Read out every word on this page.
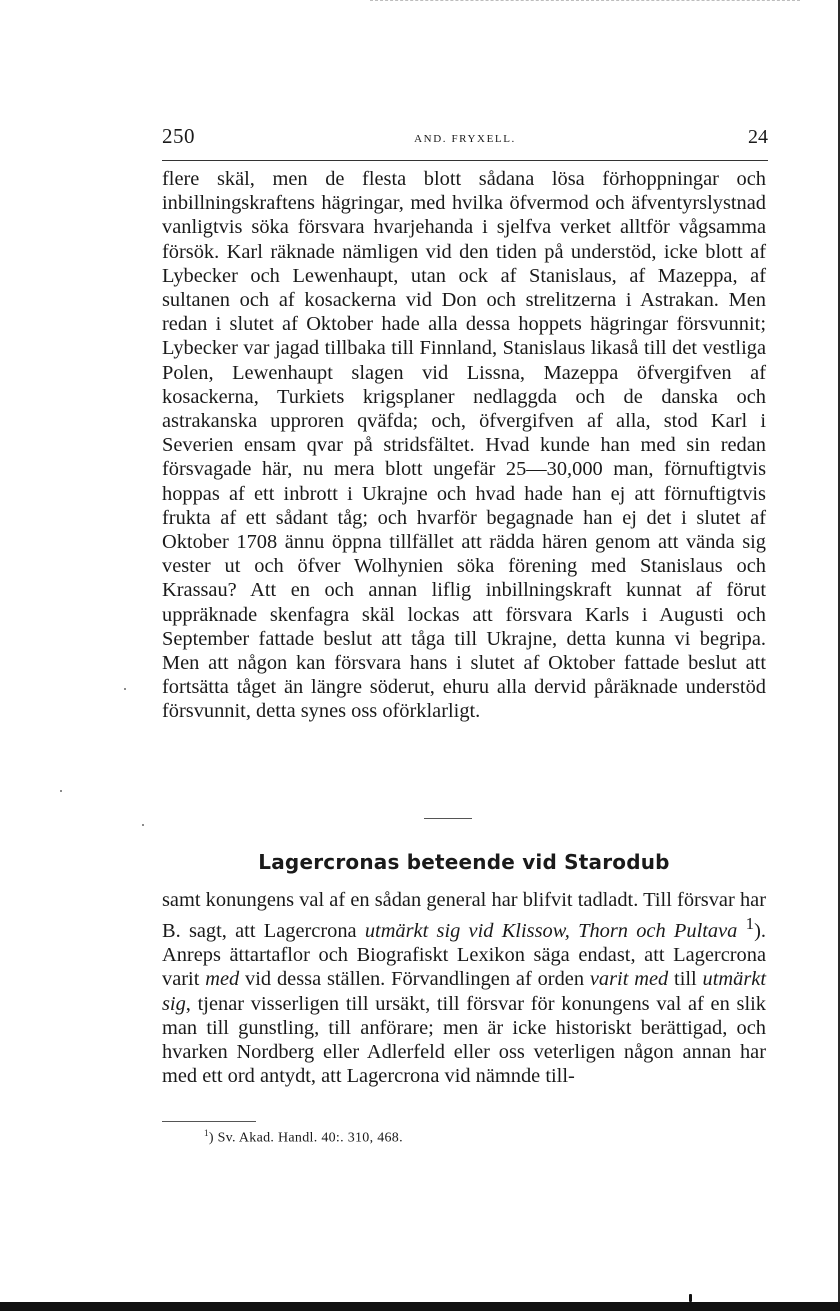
250	AND. FRYXELL.	24

flere skäl, men de flesta blott sådana lösa förhoppningar och inbillningskraftens hägringar, med hvilka öfvermod och äfventyrslystnad vanligtvis söka försvara hvarjehanda i sjelfva verket alltför vågsamma försök. Karl räknade nämligen vid den tiden på understöd, icke blott af Lybecker och Lewenhaupt, utan ock af Stanislaus, af Mazeppa, af sultanen och af kosackerna vid Don och strelitzerna i Astrakan. Men redan i slutet af Oktober hade alla dessa hoppets hägringar försvunnit; Lybecker var jagad tillbaka till Finnland, Stanislaus likaså till det vestliga Polen, Lewenhaupt slagen vid Lissna, Mazeppa öfvergifven af kosackerna, Turkiets krigsplaner nedlaggda och de danska och astrakanska upproren qväfda; och, öfvergifven af alla, stod Karl i Severien ensam qvar på stridsfältet. Hvad kunde han med sin redan försvagade här, nu mera blott ungefär 25—30,000 man, förnuftigtvis hoppas af ett inbrott i Ukrajne och hvad hade han ej att förnuftigtvis frukta af ett sådant tåg; och hvarför begagnade han ej det i slutet af Oktober 1708 ännu öppna tillfället att rädda hären genom att vända sig vester ut och öfver Wolhynien söka förening med Stanislaus och Krassau? Att en och annan liflig inbillningskraft kunnat af förut uppräknade skenfagra skäl lockas att försvara Karls i Augusti och September fattade beslut att tåga till Ukrajne, detta kunna vi begripa. Men att någon kan försvara hans i slutet af Oktober fattade beslut att fortsätta tåget än längre söderut, ehuru alla dervid påräknade understöd försvunnit, detta synes oss oförklarligt.

Lagercronas beteende vid Starodub

samt konungens val af en sådan general har blifvit tadladt. Till försvar har B. sagt, att Lagercrona utmärkt sig vid Klissow, Thorn och Pultava $^1$). Anreps ättartaflor och Biografiskt Lexikon säga endast, att Lagercrona varit med vid dessa ställen. Förvandlingen af orden varit med till utmärkt sig, tjenar visserligen till ursäkt, till försvar för konungens val af en slik man till gunstling, till anförare; men är icke historiskt berättigad, och hvarken Nordberg eller Adlerfeld eller oss veterligen någon annan har med ett ord antydt, att Lagercrona vid nämnde till-

$^1$) Sv. Akad. Handl. 40:. 310, 468.
